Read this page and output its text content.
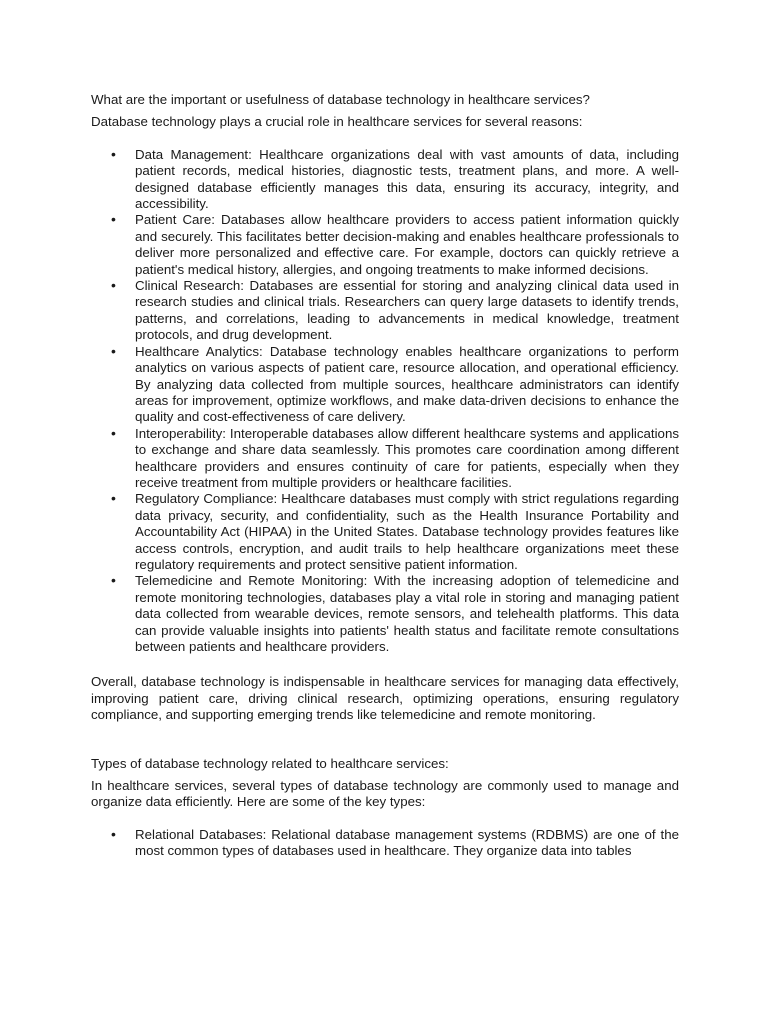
What are the important or usefulness of database technology in healthcare services?

Database technology plays a crucial role in healthcare services for several reasons:

• Data Management: Healthcare organizations deal with vast amounts of data, including patient records, medical histories, diagnostic tests, treatment plans, and more. A well-designed database efficiently manages this data, ensuring its accuracy, integrity, and accessibility.
• Patient Care: Databases allow healthcare providers to access patient information quickly and securely. This facilitates better decision-making and enables healthcare professionals to deliver more personalized and effective care. For example, doctors can quickly retrieve a patient's medical history, allergies, and ongoing treatments to make informed decisions.
• Clinical Research: Databases are essential for storing and analyzing clinical data used in research studies and clinical trials. Researchers can query large datasets to identify trends, patterns, and correlations, leading to advancements in medical knowledge, treatment protocols, and drug development.
• Healthcare Analytics: Database technology enables healthcare organizations to perform analytics on various aspects of patient care, resource allocation, and operational efficiency. By analyzing data collected from multiple sources, healthcare administrators can identify areas for improvement, optimize workflows, and make data-driven decisions to enhance the quality and cost-effectiveness of care delivery.
• Interoperability: Interoperable databases allow different healthcare systems and applications to exchange and share data seamlessly. This promotes care coordination among different healthcare providers and ensures continuity of care for patients, especially when they receive treatment from multiple providers or healthcare facilities.
• Regulatory Compliance: Healthcare databases must comply with strict regulations regarding data privacy, security, and confidentiality, such as the Health Insurance Portability and Accountability Act (HIPAA) in the United States. Database technology provides features like access controls, encryption, and audit trails to help healthcare organizations meet these regulatory requirements and protect sensitive patient information.
• Telemedicine and Remote Monitoring: With the increasing adoption of telemedicine and remote monitoring technologies, databases play a vital role in storing and managing patient data collected from wearable devices, remote sensors, and telehealth platforms. This data can provide valuable insights into patients' health status and facilitate remote consultations between patients and healthcare providers.

Overall, database technology is indispensable in healthcare services for managing data effectively, improving patient care, driving clinical research, optimizing operations, ensuring regulatory compliance, and supporting emerging trends like telemedicine and remote monitoring.

Types of database technology related to healthcare services:

In healthcare services, several types of database technology are commonly used to manage and organize data efficiently. Here are some of the key types:

• Relational Databases: Relational database management systems (RDBMS) are one of the most common types of databases used in healthcare. They organize data into tables
